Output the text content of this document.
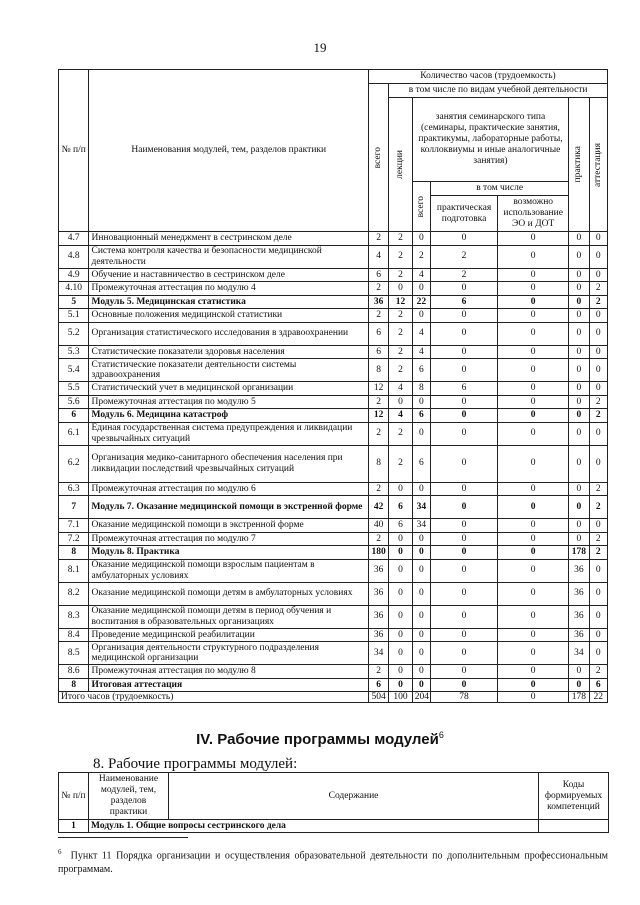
19
№ п/п	Наименования модулей, тем, разделов практики	Количество часов (трудоемкость)						

		всего	в том числе по видам учебной деятельности					

			лекции	занятия семинарского типа (семинары, практические занятия, практикумы, лабораторные работы, коллоквиумы и иные аналогичные занятия)			практика	аттестация

				всего	в том числе			
					практическая подготовка	возможно использование ЭО и ДОТ		
4.7	Инновационный менеджмент в сестринском деле	2	2	0	0	0	0	0
4.8	Система контроля качества и безопасности медицинской деятельности	4	2	2	2	0	0	0
4.9	Обучение и наставничество в сестринском деле	6	2	4	2	0	0	0
4.10	Промежуточная аттестация по модулю 4	2	0	0	0	0	0	2
5	Модуль 5. Медицинская статистика	36	12	22	6	0	0	2
5.1	Основные положения медицинской статистики	2	2	0	0	0	0	0
5.2	Организация статистического исследования в здравоохранении	6	2	4	0	0	0	0
5.3	Статистические показатели здоровья населения	6	2	4	0	0	0	0
5.4	Статистические показатели деятельности системы здравоохранения	8	2	6	0	0	0	0
5.5	Статистический учет в медицинской организации	12	4	8	6	0	0	0
5.6	Промежуточная аттестация по модулю 5	2	0	0	0	0	0	2
6	Модуль 6. Медицина катастроф	12	4	6	0	0	0	2
6.1	Единая государственная система предупреждения и ликвидации чрезвычайных ситуаций	2	2	0	0	0	0	0
6.2	Организация медико-санитарного обеспечения населения при ликвидации последствий чрезвычайных ситуаций	8	2	6	0	0	0	0
6.3	Промежуточная аттестация по модулю 6	2	0	0	0	0	0	2
7	Модуль 7. Оказание медицинской помощи в экстренной форме	42	6	34	0	0	0	2
7.1	Оказание медицинской помощи в экстренной форме	40	6	34	0	0	0	0
7.2	Промежуточная аттестация по модулю 7	2	0	0	0	0	0	2
8	Модуль 8. Практика	180	0	0	0	0	178	2
8.1	Оказание медицинской помощи взрослым пациентам в амбулаторных условиях	36	0	0	0	0	36	0
8.2	Оказание медицинской помощи детям в амбулаторных условиях	36	0	0	0	0	36	0
8.3	Оказание медицинской помощи детям в период обучения и воспитания в образовательных организациях	36	0	0	0	0	36	0
8.4	Проведение медицинской реабилитации	36	0	0	0	0	36	0
8.5	Организация деятельности структурного подразделения медицинской организации	34	0	0	0	0	34	0
8.6	Промежуточная аттестация по модулю 8	2	0	0	0	0	0	2
8	Итоговая аттестация	6	0	0	0	0	0	6
Итого часов (трудоемкость)		504	100	204	78	0	178	22
IV. Рабочие программы модулей$^6$
8. Рабочие программы модулей:
№ п/п	Наименование модулей, тем, разделов практики	Содержание	Коды формируемых компетенций
1	Модуль 1. Общие вопросы сестринского дела		
$^6$ Пункт 11 Порядка организации и осуществления образовательной деятельности по дополнительным профессиональным программам.
